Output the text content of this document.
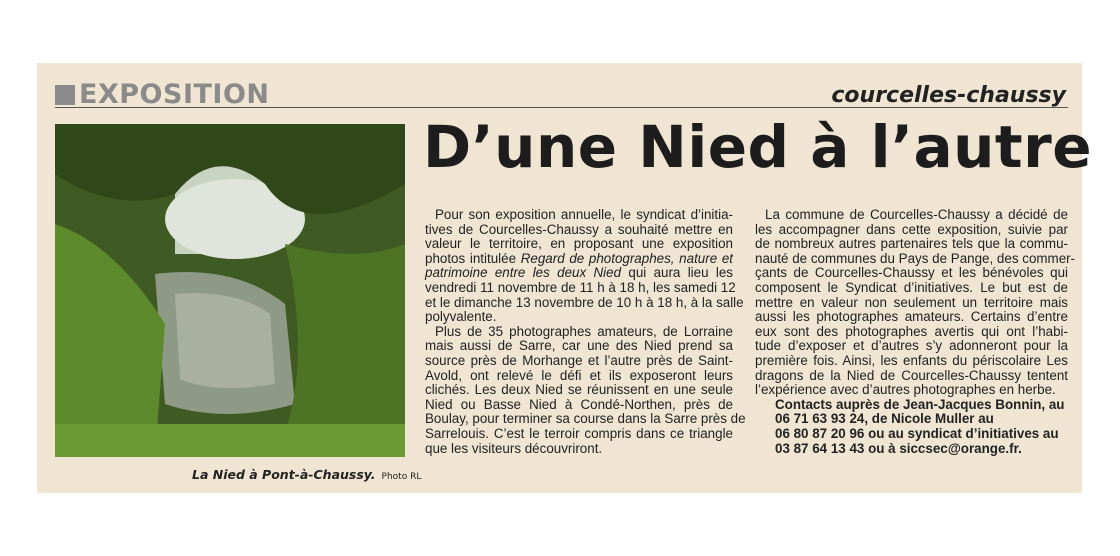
EXPOSITION	courcelles-chaussy
La Nied à Pont-à-Chaussy. Photo RL
D’une Nied à l’autre
Pour son exposition annuelle, le syndicat d’initia-
tives de Courcelles-Chaussy a souhaité mettre en
valeur le territoire, en proposant une exposition
photos intitulée Regard de photographes, nature et
patrimoine entre les deux Nied qui aura lieu les
vendredi 11 novembre de 11 h à 18 h, les samedi 12
et le dimanche 13 novembre de 10 h à 18 h, à la salle
polyvalente.
Plus de 35 photographes amateurs, de Lorraine
mais aussi de Sarre, car une des Nied prend sa
source près de Morhange et l’autre près de Saint-
Avold, ont relevé le défi et ils exposeront leurs
clichés. Les deux Nied se réunissent en une seule
Nied ou Basse Nied à Condé-Northen, près de
Boulay, pour terminer sa course dans la Sarre près de
Sarrelouis. C’est le terroir compris dans ce triangle
que les visiteurs découvriront.
La commune de Courcelles-Chaussy a décidé de
les accompagner dans cette exposition, suivie par
de nombreux autres partenaires tels que la commu-
nauté de communes du Pays de Pange, des commer-
çants de Courcelles-Chaussy et les bénévoles qui
composent le Syndicat d’initiatives. Le but est de
mettre en valeur non seulement un territoire mais
aussi les photographes amateurs. Certains d’entre
eux sont des photographes avertis qui ont l’habi-
tude d’exposer et d’autres s’y adonneront pour la
première fois. Ainsi, les enfants du périscolaire Les
dragons de la Nied de Courcelles-Chaussy tentent
l’expérience avec d’autres photographes en herbe.
Contacts auprès de Jean-Jacques Bonnin, au
06 71 63 93 24, de Nicole Muller au
06 80 87 20 96 ou au syndicat d’initiatives au
03 87 64 13 43 ou à siccsec@orange.fr.
